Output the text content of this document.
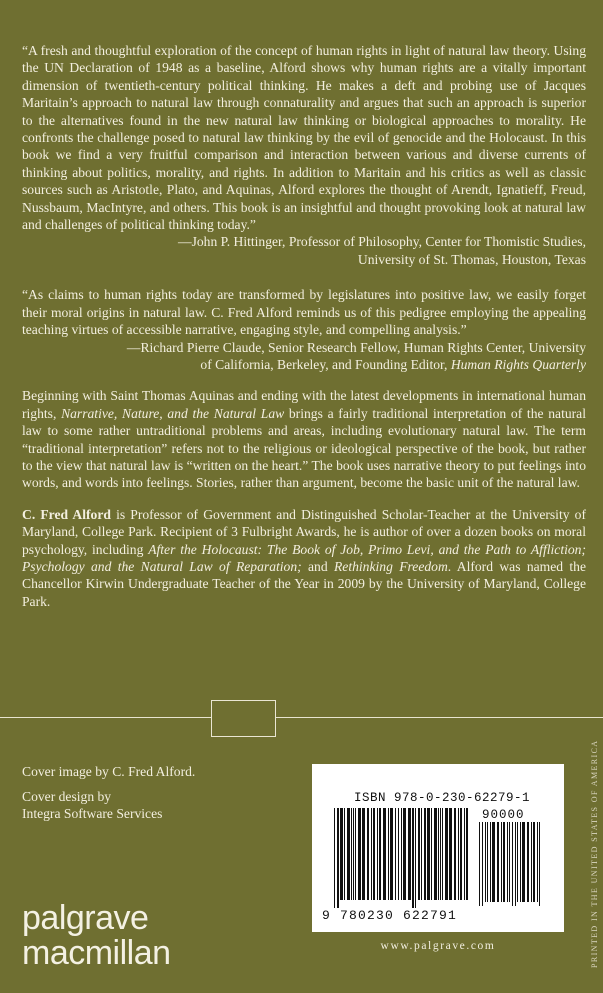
“A fresh and thoughtful exploration of the concept of human rights in light of natural law theory. Using the UN Declaration of 1948 as a baseline, Alford shows why human rights are a vitally important dimension of twentieth-century political thinking. He makes a deft and probing use of Jacques Maritain’s approach to natural law through connaturality and argues that such an approach is superior to the alternatives found in the new natural law thinking or biological approaches to morality. He confronts the challenge posed to natural law thinking by the evil of genocide and the Holocaust. In this book we find a very fruitful comparison and interaction between various and diverse currents of thinking about politics, morality, and rights. In addition to Maritain and his critics as well as classic sources such as Aristotle, Plato, and Aquinas, Alford explores the thought of Arendt, Ignatieff, Freud, Nussbaum, MacIntyre, and others. This book is an insightful and thought provoking look at natural law and challenges of political thinking today.”

—John P. Hittinger, Professor of Philosophy, Center for Thomistic Studies,

University of St. Thomas, Houston, Texas

“As claims to human rights today are transformed by legislatures into positive law, we easily forget their moral origins in natural law. C. Fred Alford reminds us of this pedigree employing the appealing teaching virtues of accessible narrative, engaging style, and compelling analysis.”

—Richard Pierre Claude, Senior Research Fellow, Human Rights Center, University

of California, Berkeley, and Founding Editor, Human Rights Quarterly

Beginning with Saint Thomas Aquinas and ending with the latest developments in international human rights, Narrative, Nature, and the Natural Law brings a fairly traditional interpretation of the natural law to some rather untraditional problems and areas, including evolutionary natural law. The term “traditional interpretation” refers not to the religious or ideological perspective of the book, but rather to the view that natural law is “written on the heart.” The book uses narrative theory to put feelings into words, and words into feelings. Stories, rather than argument, become the basic unit of the natural law.

C. Fred Alford is Professor of Government and Distinguished Scholar-Teacher at the University of Maryland, College Park. Recipient of 3 Fulbright Awards, he is author of over a dozen books on moral psychology, including After the Holocaust: The Book of Job, Primo Levi, and the Path to Affliction; Psychology and the Natural Law of Reparation; and Rethinking Freedom. Alford was named the Chancellor Kirwin Undergraduate Teacher of the Year in 2009 by the University of Maryland, College Park.

Cover image by C. Fred Alford.

Cover design by
Integra Software Services

palgrave
macmillan
ISBN 978-0-230-62279-1
90000
9 780230 622791
www.palgrave.com	PRINTED IN THE UNITED STATES OF AMERICA
